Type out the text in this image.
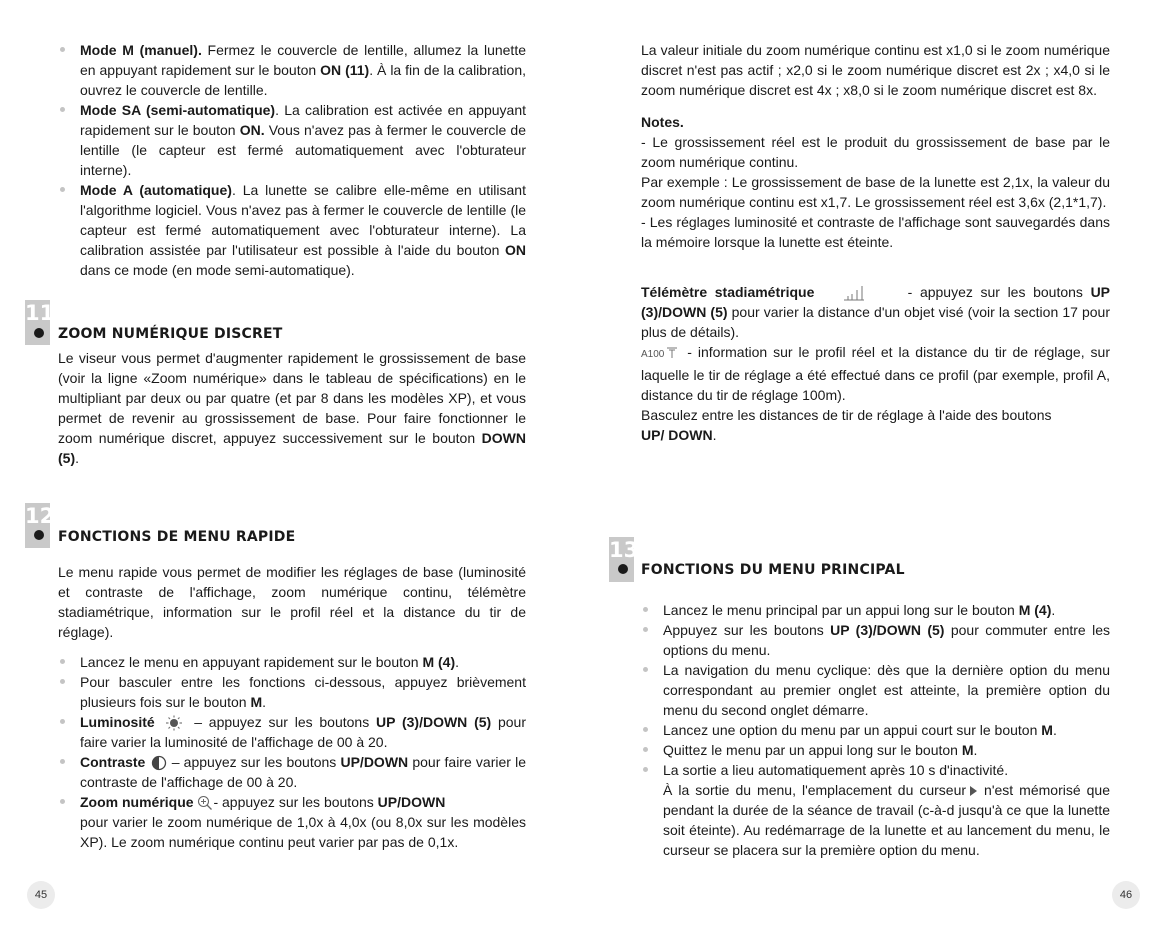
Mode M (manuel). Fermez le couvercle de lentille, allumez la lunette en appuyant rapidement sur le bouton ON (11). À la fin de la calibration, ouvrez le couvercle de lentille.
Mode SA (semi-automatique). La calibration est activée en appuyant rapidement sur le bouton ON. Vous n'avez pas à fermer le couvercle de lentille (le capteur est fermé automatiquement avec l'obturateur interne).
Mode A (automatique). La lunette se calibre elle-même en utilisant l'algorithme logiciel. Vous n'avez pas à fermer le couvercle de lentille (le capteur est fermé automatiquement avec l'obturateur interne). La calibration assistée par l'utilisateur est possible à l'aide du bouton ON dans ce mode (en mode semi-automatique).
11
ZOOM NUMÉRIQUE DISCRET

Le viseur vous permet d'augmenter rapidement le grossissement de base (voir la ligne «Zoom numérique» dans le tableau de spécifications) en le multipliant par deux ou par quatre (et par 8 dans les modèles XP), et vous permet de revenir au grossissement de base. Pour faire fonctionner le zoom numérique discret, appuyez successivement sur le bouton DOWN (5).

12
FONCTIONS DE MENU RAPIDE

Le menu rapide vous permet de modifier les réglages de base (luminosité et contraste de l'affichage, zoom numérique continu, télémètre stadiamétrique, information sur le profil réel et la distance du tir de réglage).

Lancez le menu en appuyant rapidement sur le bouton M (4).
Pour basculer entre les fonctions ci-dessous, appuyez brièvement plusieurs fois sur le bouton M.
Luminosité  – appuyez sur les boutons UP (3)/DOWN (5) pour faire varier la luminosité de l'affichage de 00 à 20.
Contraste  – appuyez sur les boutons UP/DOWN pour faire varier le contraste de l'affichage de 00 à 20.
Zoom numérique - appuyez sur les boutons UP/DOWN
pour varier le zoom numérique de 1,0x à 4,0x (ou 8,0x sur les modèles XP). Le zoom numérique continu peut varier par pas de 0,1x.
45

La valeur initiale du zoom numérique continu est x1,0 si le zoom numérique discret n'est pas actif ; x2,0 si le zoom numérique discret est 2x ; x4,0 si le zoom numérique discret est 4x ; x8,0 si le zoom numérique discret est 8x.

Notes.

- Le grossissement réel est le produit du grossissement de base par le zoom numérique continu.

Par exemple : Le grossissement de base de la lunette est 2,1x, la valeur du zoom numérique continu est x1,7. Le grossissement réel est 3,6x (2,1*1,7).

- Les réglages luminosité et contraste de l'affichage sont sauvegardés dans la mémoire lorsque la lunette est éteinte.

Télémètre stadiamétrique	- appuyez sur les boutons UP (3)/DOWN (5) pour varier la distance d'un objet visé (voir la section 17 pour plus de détails).

A100 - information sur le profil réel et la distance du tir de réglage, sur laquelle le tir de réglage a été effectué dans ce profil (par exemple, profil A, distance du tir de réglage 100m).

Basculez entre les distances de tir de réglage à l'aide des boutons
UP/ DOWN.

13
FONCTIONS DU MENU PRINCIPAL
Lancez le menu principal par un appui long sur le bouton M (4).
Appuyez sur les boutons UP (3)/DOWN (5) pour commuter entre les options du menu.
La navigation du menu cyclique: dès que la dernière option du menu correspondant au premier onglet est atteinte, la première option du menu du second onglet démarre.
Lancez une option du menu par un appui court sur le bouton M.
Quittez le menu par un appui long sur le bouton M.
La sortie a lieu automatiquement après 10 s d'inactivité.
À la sortie du menu, l'emplacement du curseur n'est mémorisé que pendant la durée de la séance de travail (c-à-d jusqu'à ce que la lunette soit éteinte). Au redémarrage de la lunette et au lancement du menu, le curseur se placera sur la première option du menu.
46
